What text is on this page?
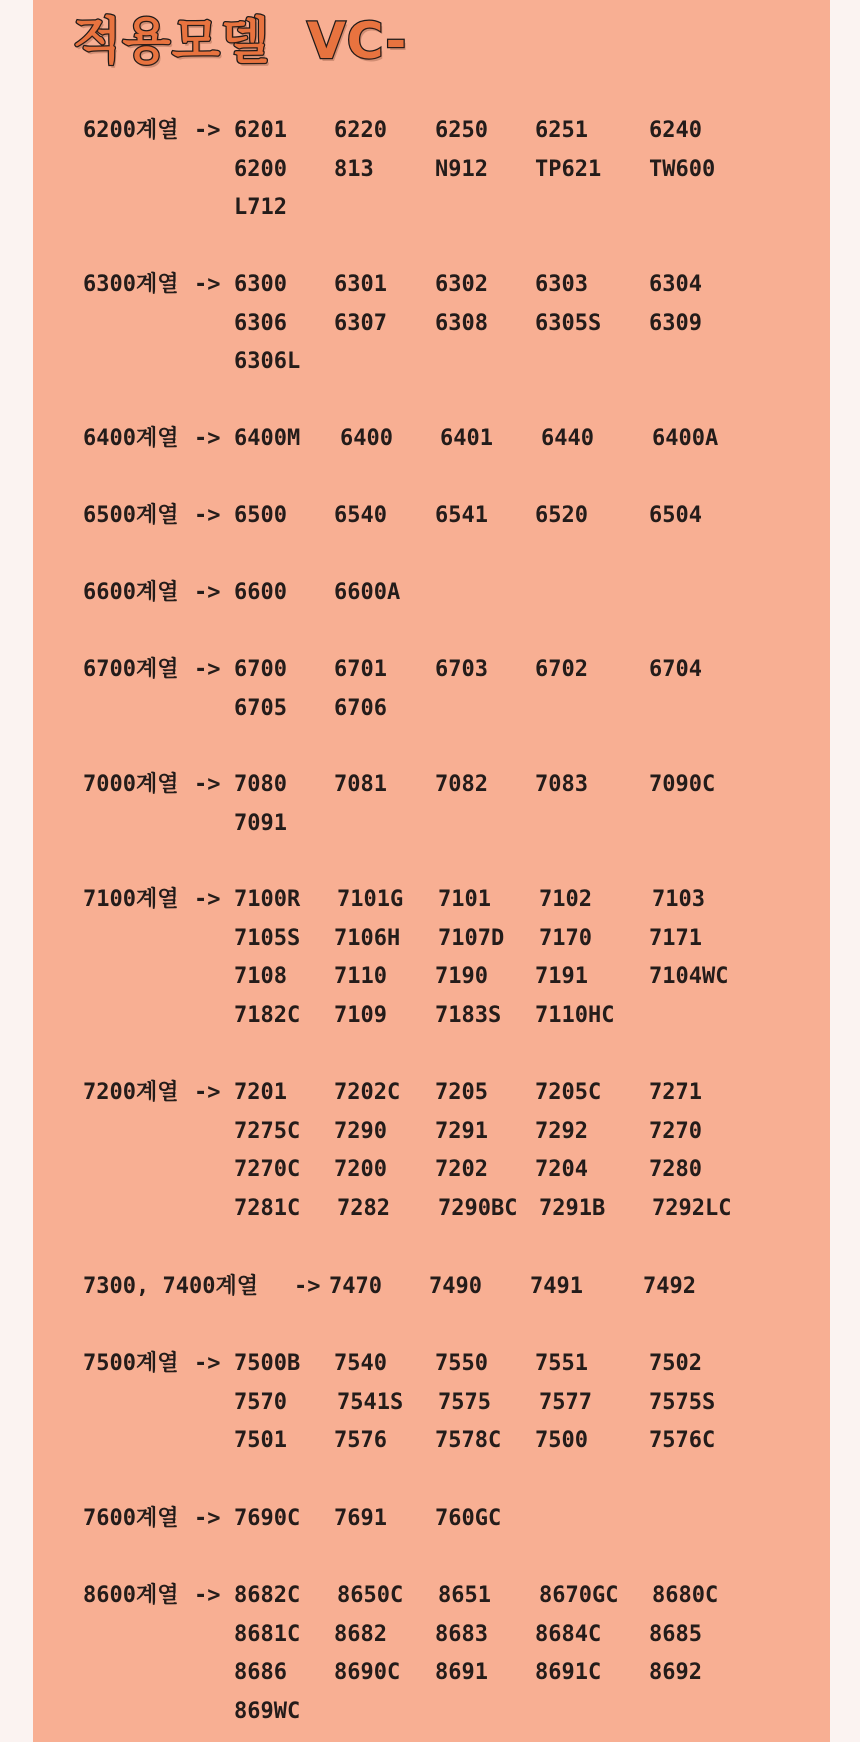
적용모델  VC-
6200계열 -> 6201 6220 6250 6251	6240
6200 813	N912 TP621 TW600
L712
6300계열 -> 6300 6301 6302 6303	6304
6306 6307 6308 6305S 6309
6306L
6400계열 -> 6400M 6400 6401 6440	6400A
6500계열 -> 6500 6540 6541 6520	6504
6600계열 -> 6600 6600A
6700계열 -> 6700 6701 6703 6702	6704
6705 6706
7000계열 -> 7080 7081 7082 7083	7090C
7091
7100계열 -> 7100R 7101G 7101 7102	7103
7105S 7106H 7107D 7170	7171
7108 7110 7190 7191	7104WC
7182C 7109 7183S 7110HC
7200계열 -> 7201 7202C 7205 7205C 7271
7275C 7290 7291 7292	7270
7270C 7200 7202 7204	7280
7281C 7282 7290BC 7291B 7292LC
7300, 7400계열 -> 7470 7490 7491	7492
7500계열 -> 7500B 7540 7550 7551	7502
7570 7541S 7575 7577	7575S
7501 7576 7578C 7500	7576C
7600계열 -> 7690C 7691 760GC
8600계열 -> 8682C 8650C 8651 8670GC 8680C
8681C 8682 8683 8684C 8685
8686 8690C 8691 8691C 8692
869WC
